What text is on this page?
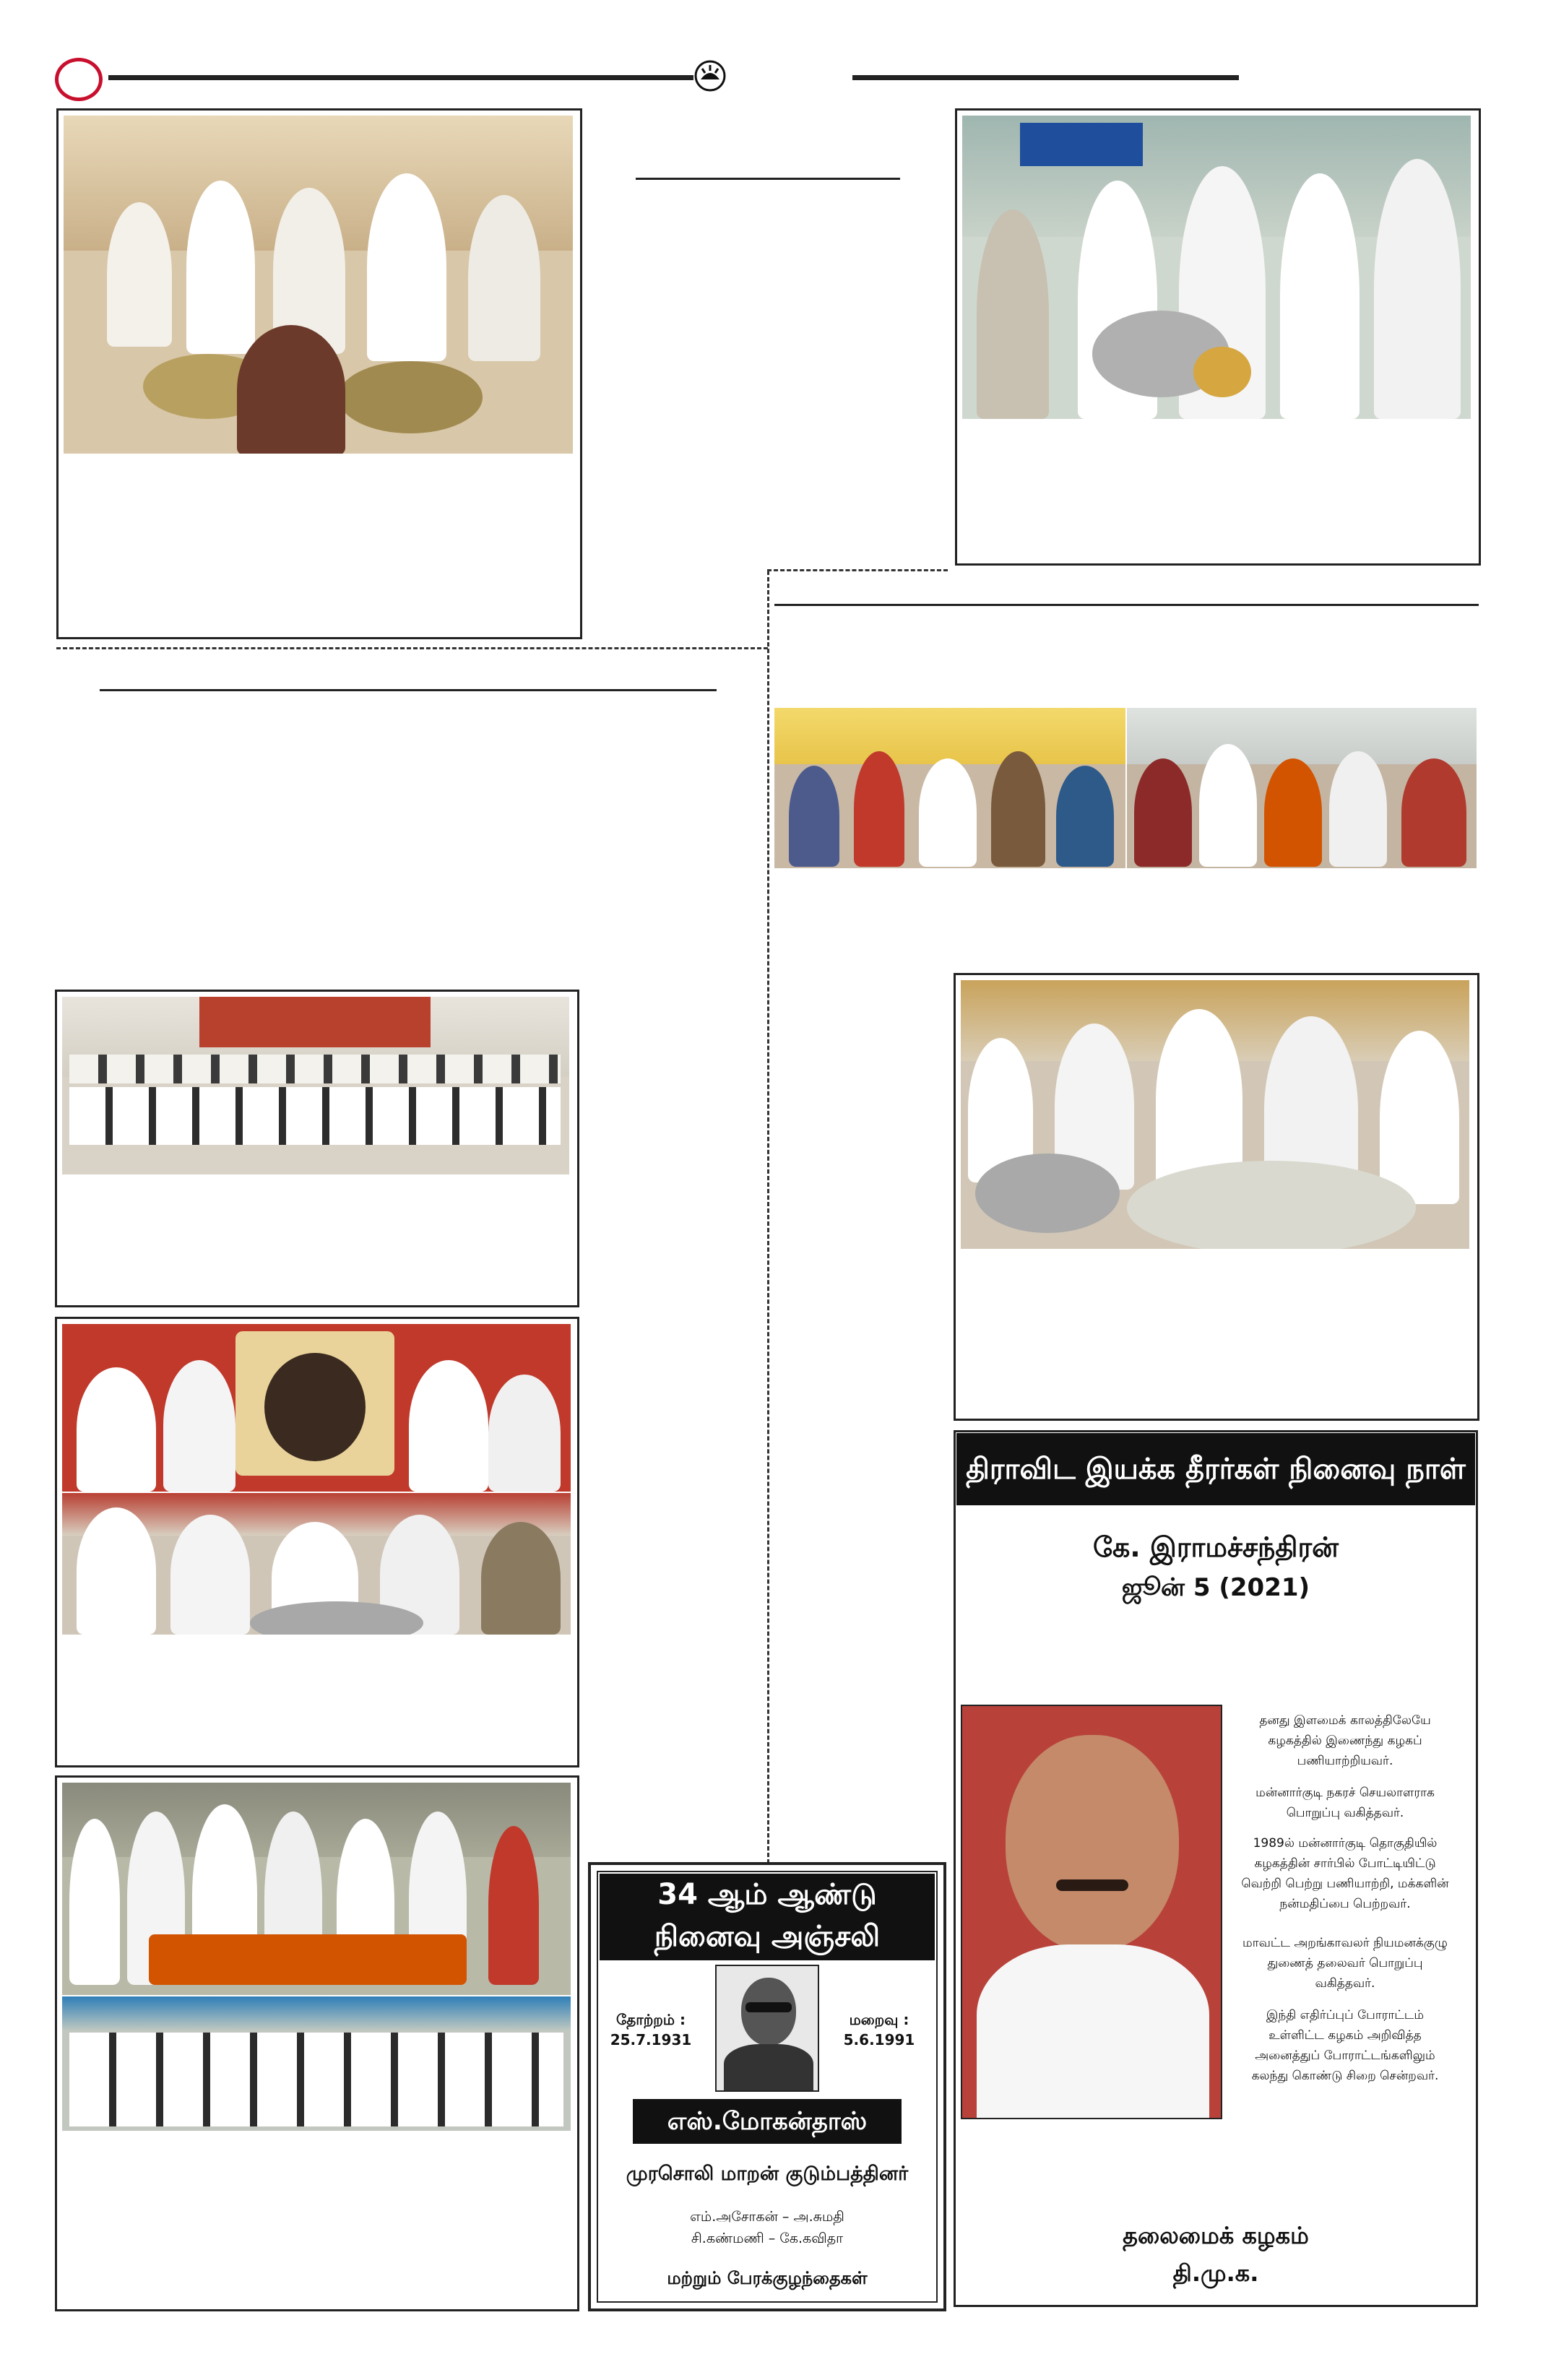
திராவிட இயக்க தீரர்கள் நினைவு நாள்
கே. இராமச்சந்திரன்
ஜூன் 5 (2021)
தனது இளமைக் காலத்திலேயே கழகத்தில் இணைந்து கழகப் பணியாற்றியவர்.
மன்னார்குடி நகரச் செயலாளராக பொறுப்பு வகித்தவர்.
1989ல் மன்னார்குடி தொகுதியில் கழகத்தின் சார்பில் போட்டியிட்டு வெற்றி பெற்று பணியாற்றி, மக்களின் நன்மதிப்பை பெற்றவர்.
மாவட்ட அறங்காவலர் நியமனக்குழு துணைத் தலைவர் பொறுப்பு வகித்தவர்.
இந்தி எதிர்ப்புப் போராட்டம் உள்ளிட்ட கழகம் அறிவித்த அனைத்துப் போராட்டங்களிலும் கலந்து கொண்டு சிறை சென்றவர்.
தலைமைக் கழகம்
தி.மு.க.
34 ஆம் ஆண்டு
நினைவு அஞ்சலி
தோற்றம் :
25.7.1931
மறைவு :
5.6.1991
எஸ்.மோகன்தாஸ்
முரசொலி மாறன் குடும்பத்தினர்
எம்.அசோகன் – அ.சுமதி
சி.கண்மணி – கே.கவிதா
மற்றும் பேரக்குழந்தைகள்
